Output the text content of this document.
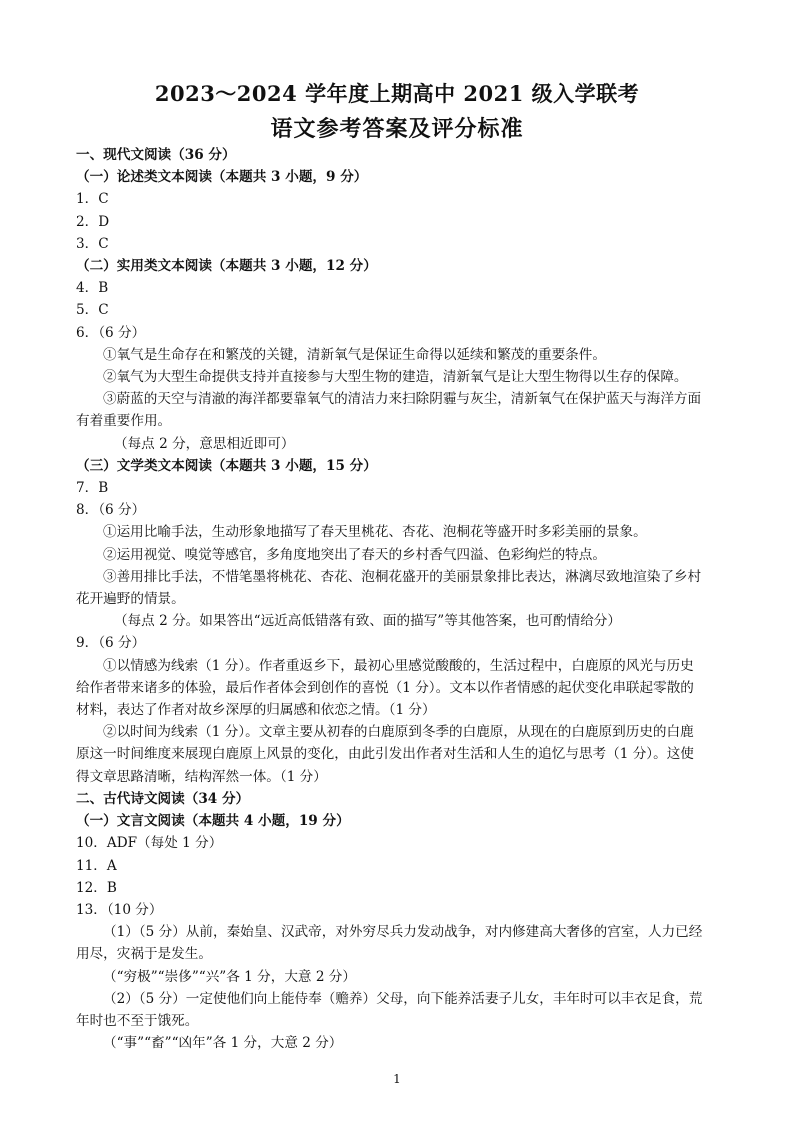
2023～2024 学年度上期高中 2021 级入学联考
语文参考答案及评分标准
一、现代文阅读（36 分）
（一）论述类文本阅读（本题共 3 小题，9 分）
1．C
2．D
3．C
（二）实用类文本阅读（本题共 3 小题，12 分）
4．B
5．C
6．（6 分）
①氧气是生命存在和繁茂的关键，清新氧气是保证生命得以延续和繁茂的重要条件。
②氧气为大型生命提供支持并直接参与大型生物的建造，清新氧气是让大型生物得以生存的保障。
③蔚蓝的天空与清澈的海洋都要靠氧气的清洁力来扫除阴霾与灰尘，清新氧气在保护蓝天与海洋方面
有着重要作用。
（每点 2 分，意思相近即可）
（三）文学类文本阅读（本题共 3 小题，15 分）
7．B
8．（6 分）
①运用比喻手法，生动形象地描写了春天里桃花、杏花、泡桐花等盛开时多彩美丽的景象。
②运用视觉、嗅觉等感官，多角度地突出了春天的乡村香气四溢、色彩绚烂的特点。
③善用排比手法，不惜笔墨将桃花、杏花、泡桐花盛开的美丽景象排比表达，淋漓尽致地渲染了乡村
花开遍野的情景。
（每点 2 分。如果答出“远近高低错落有致、面的描写”等其他答案，也可酌情给分）
9．（6 分）
①以情感为线索（1 分）。作者重返乡下，最初心里感觉酸酸的，生活过程中，白鹿原的风光与历史
给作者带来诸多的体验，最后作者体会到创作的喜悦（1 分）。文本以作者情感的起伏变化串联起零散的
材料，表达了作者对故乡深厚的归属感和依恋之情。（1 分）
②以时间为线索（1 分）。文章主要从初春的白鹿原到冬季的白鹿原，从现在的白鹿原到历史的白鹿
原这一时间维度来展现白鹿原上风景的变化，由此引发出作者对生活和人生的追忆与思考（1 分）。这使
得文章思路清晰，结构浑然一体。（1 分）
二、古代诗文阅读（34 分）
（一）文言文阅读（本题共 4 小题，19 分）
10．ADF（每处 1 分）
11．A
12．B
13．（10 分）
（1）（5 分）从前，秦始皇、汉武帝，对外穷尽兵力发动战争，对内修建高大奢侈的宫室，人力已经
用尽，灾祸于是发生。
（“穷极”“崇侈”“兴”各 1 分，大意 2 分）
（2）（5 分）一定使他们向上能侍奉（赡养）父母，向下能养活妻子儿女，丰年时可以丰衣足食，荒
年时也不至于饿死。
（“事”“畜”“凶年”各 1 分，大意 2 分）
1
